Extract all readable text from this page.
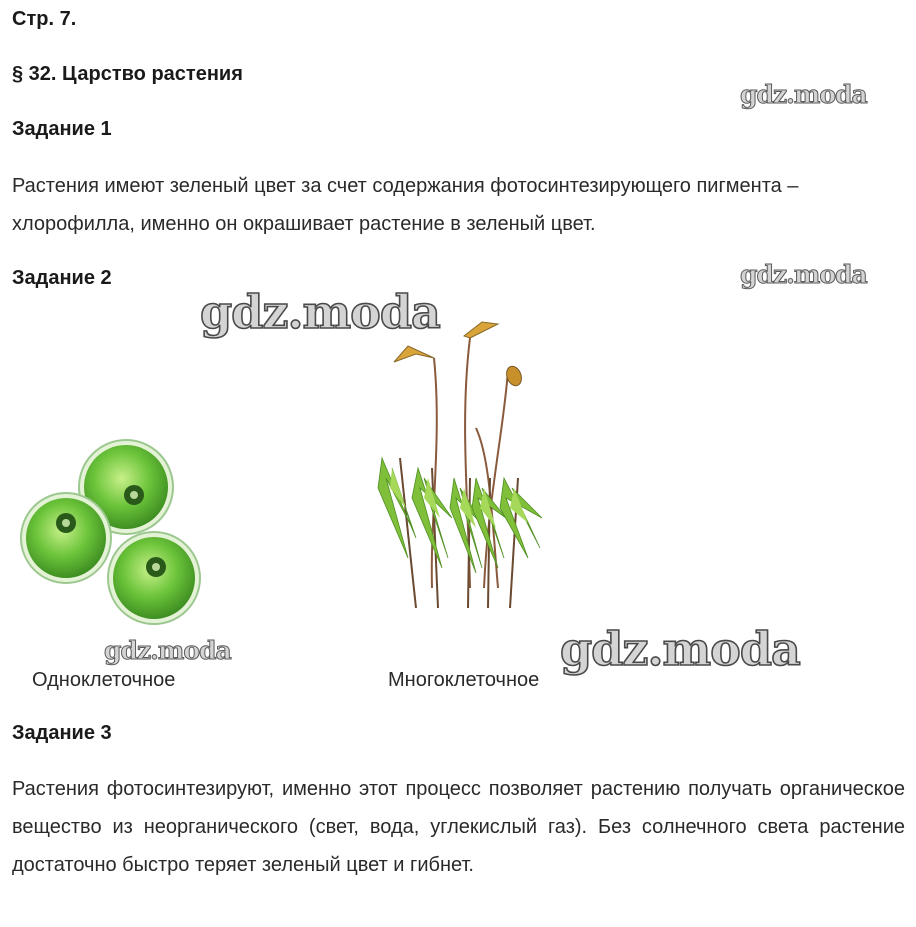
Стр. 7.
§ 32. Царство растения
Задание 1
Растения имеют зеленый цвет за счет содержания фотосинтезирующего пигмента – хлорофилла, именно он окрашивает растение в зеленый цвет.
Задание 2
Одноклеточное	Многоклеточное
Задание 3
Растения фотосинтезируют, именно этот процесс позволяет растению получать органическое вещество из неорганического (свет, вода, углекислый газ). Без солнечного света растение достаточно быстро теряет зеленый цвет и гибнет.
gdz.moda
gdz.moda
gdz.moda
gdz.moda	gdz.moda
